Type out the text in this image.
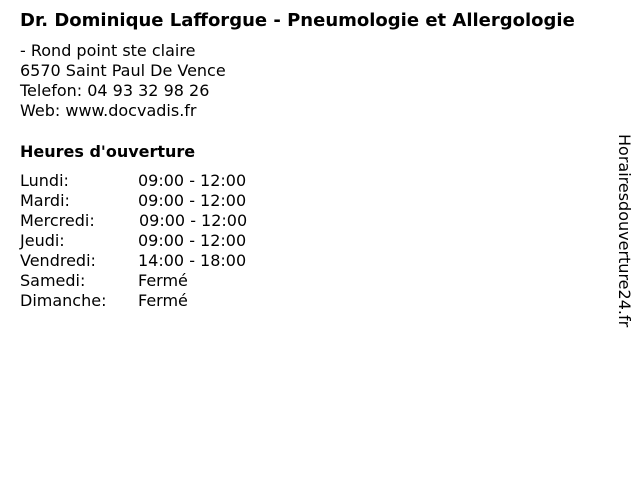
Dr. Dominique Lafforgue - Pneumologie et Allergologie
- Rond point ste claire
6570 Saint Paul De Vence
Telefon: 04 93 32 98 26
Web: www.docvadis.fr
Heures d'ouverture
Lundi:	09:00 - 12:00
Mardi:	09:00 - 12:00
Mercredi:	09:00 - 12:00
Jeudi:	09:00 - 12:00
Vendredi:	14:00 - 18:00
Samedi:	Fermé
Dimanche:	Fermé	Horairesdouverture24.fr
